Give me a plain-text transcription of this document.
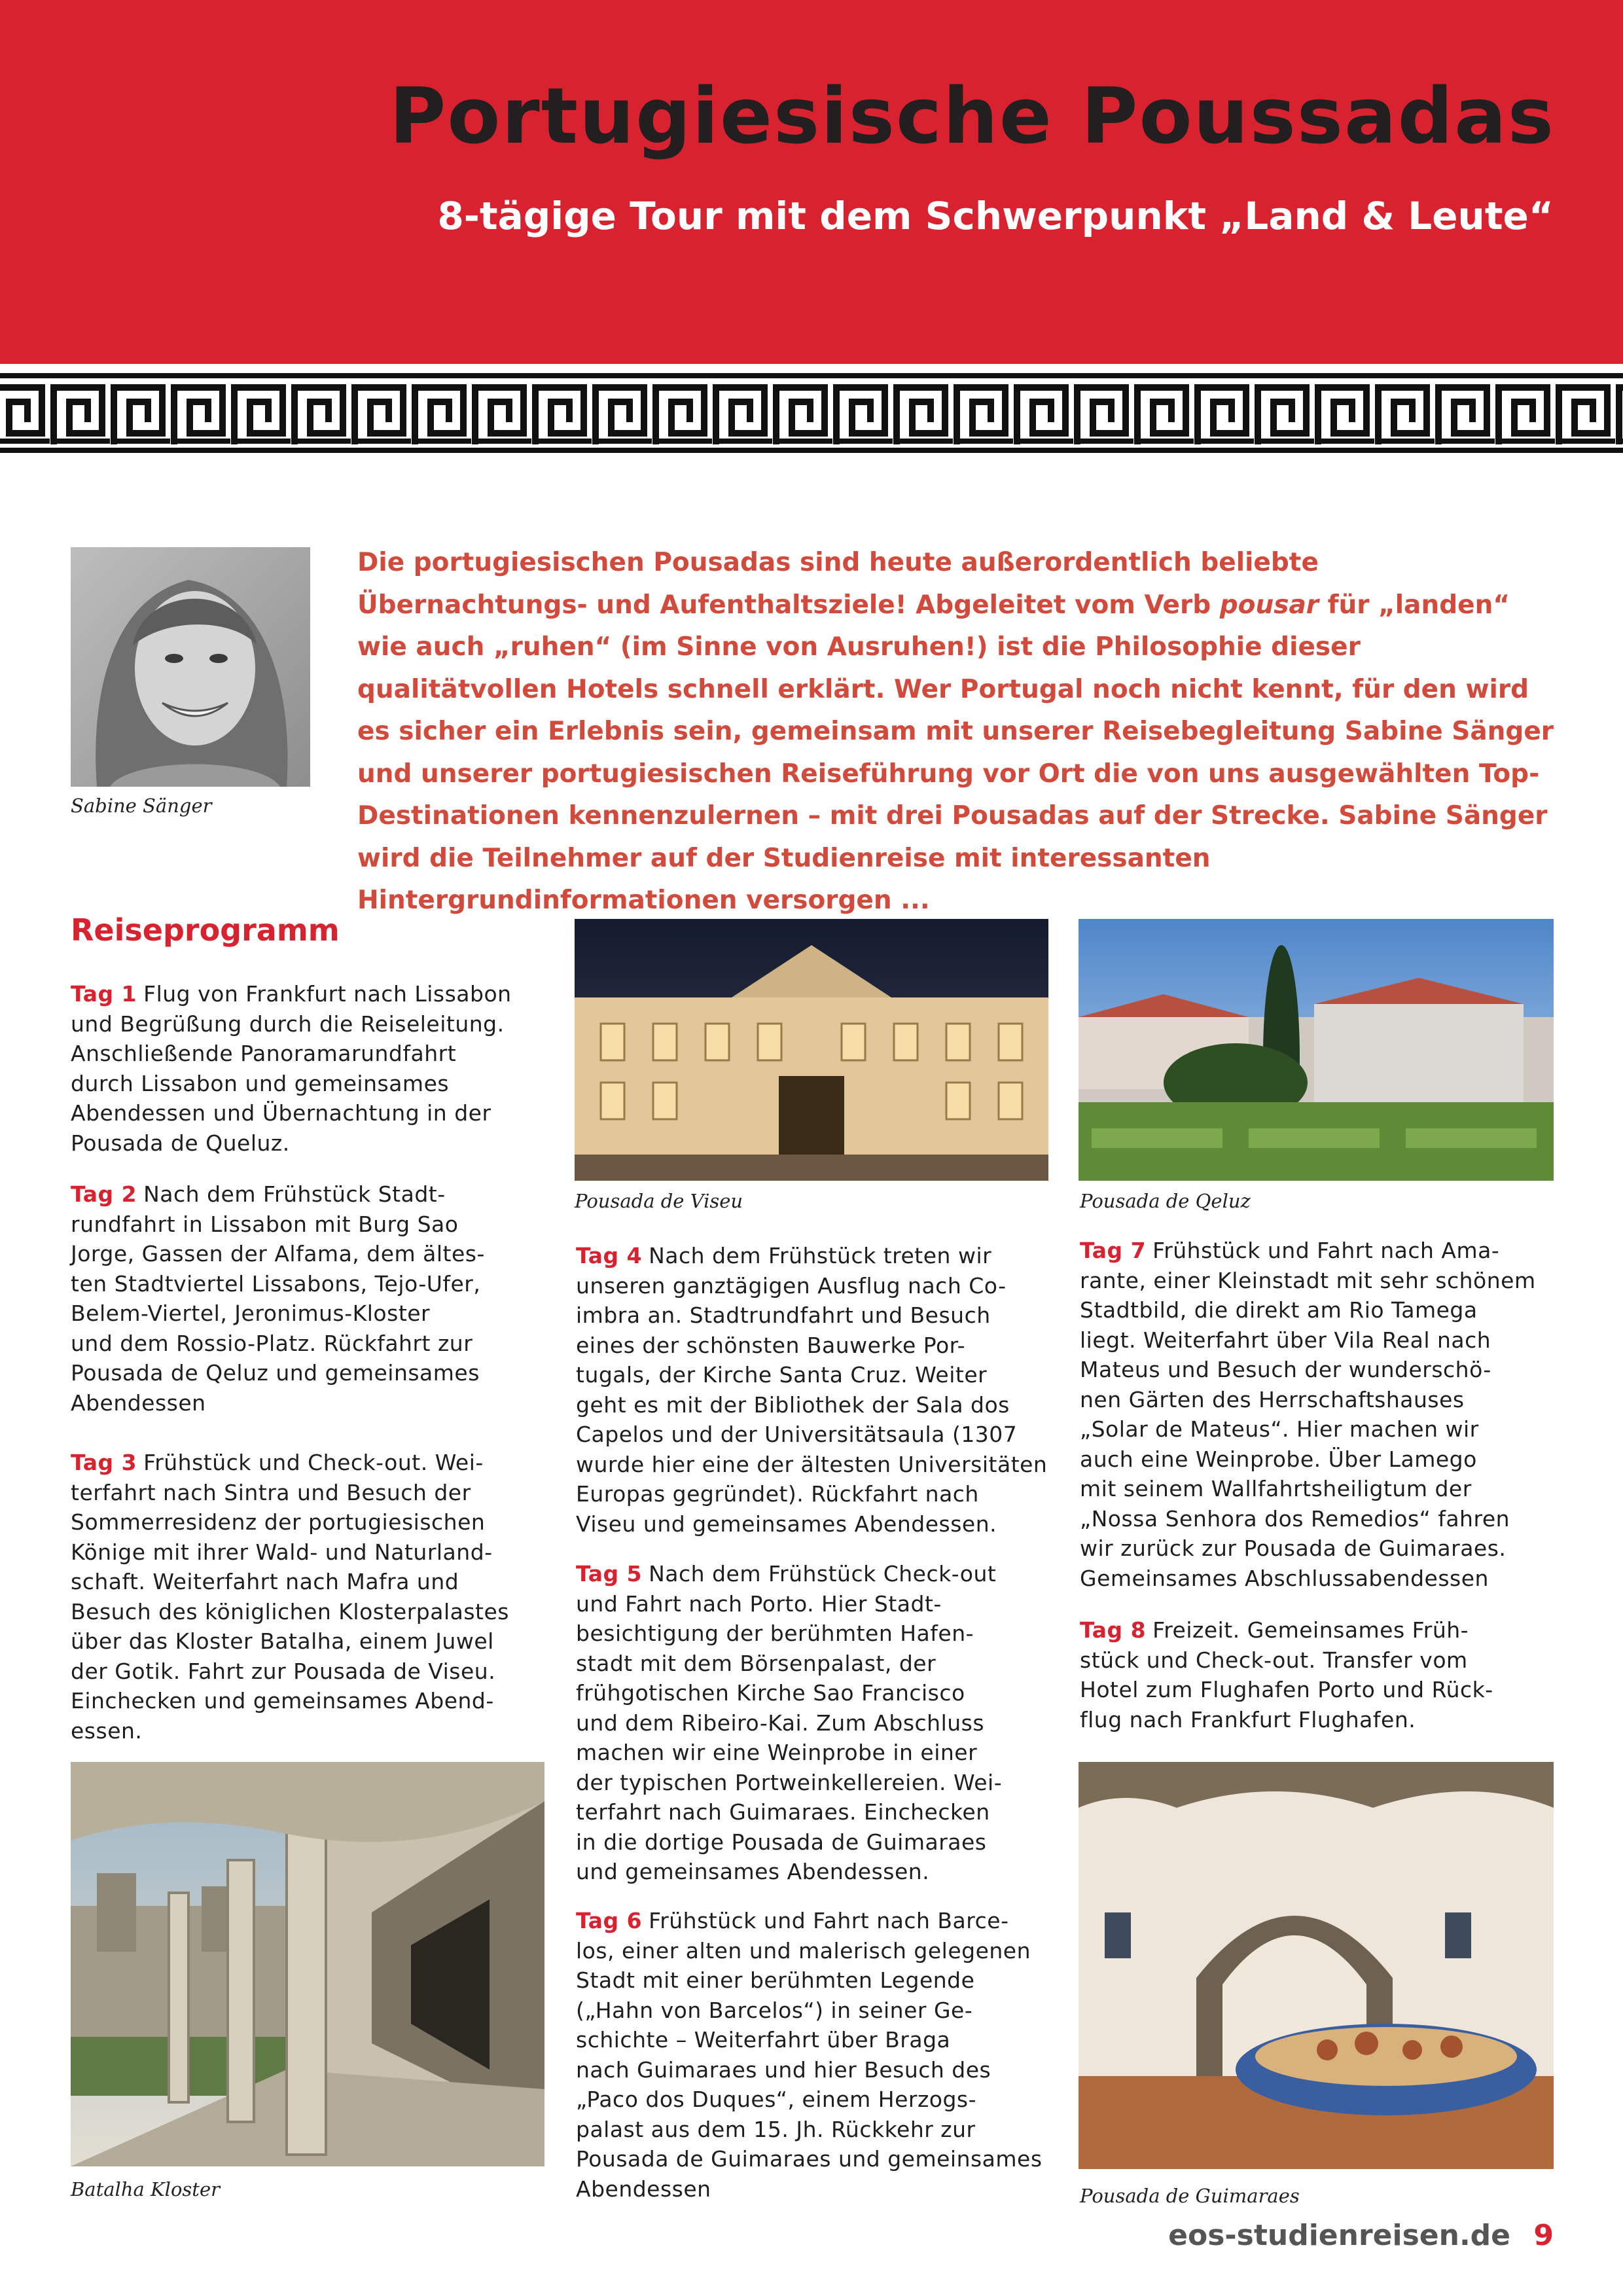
Portugiesische Poussadas
8-tägige Tour mit dem Schwerpunkt „Land & Leute“
Sabine Sänger

Die portugiesischen Pousadas sind heute außerordentlich beliebte Übernachtungs- und Aufenthaltsziele! Abgeleitet vom Verb pousar für „landen“ wie auch „ruhen“ (im Sinne von Ausruhen!) ist die Philosophie dieser qualitätvollen Hotels schnell erklärt. Wer Portugal noch nicht kennt, für den wird es sicher ein Erlebnis sein, gemeinsam mit unserer Reisebegleitung Sabine Sänger und unserer portugiesischen Reiseführung vor Ort die von uns ausgewählten Top-Destinationen kennenzulernen – mit drei Pousadas auf der Strecke. Sabine Sänger wird die Teilnehmer auf der Studienreise mit interessanten Hintergrundinformationen versorgen ...

Reiseprogramm

Tag 1 Flug von Frankfurt nach Lissabon
und Begrüßung durch die Reiseleitung.
Anschließende Panoramarundfahrt
durch Lissabon und gemeinsames
Abendessen und Übernachtung in der
Pousada de Queluz.

Tag 2 Nach dem Frühstück Stadt-
rundfahrt in Lissabon mit Burg Sao
Jorge, Gassen der Alfama, dem ältes-
ten Stadtviertel Lissabons, Tejo-Ufer,
Belem-Viertel, Jeronimus-Kloster
und dem Rossio-Platz. Rückfahrt zur
Pousada de Qeluz und gemeinsames
Abendessen

Tag 3 Frühstück und Check-out. Wei-
terfahrt nach Sintra und Besuch der
Sommerresidenz der portugiesischen
Könige mit ihrer Wald- und Naturland-
schaft. Weiterfahrt nach Mafra und
Besuch des königlichen Klosterpalastes
über das Kloster Batalha, einem Juwel
der Gotik. Fahrt zur Pousada de Viseu.
Einchecken und gemeinsames Abend-
essen.

Batalha Kloster
Pousada de Viseu

Tag 4 Nach dem Frühstück treten wir
unseren ganztägigen Ausflug nach Co-
imbra an. Stadtrundfahrt und Besuch
eines der schönsten Bauwerke Por-
tugals, der Kirche Santa Cruz. Weiter
geht es mit der Bibliothek der Sala dos
Capelos und der Universitätsaula (1307
wurde hier eine der ältesten Universitäten
Europas gegründet). Rückfahrt nach
Viseu und gemeinsames Abendessen.

Tag 5 Nach dem Frühstück Check-out
und Fahrt nach Porto. Hier Stadt-
besichtigung der berühmten Hafen-
stadt mit dem Börsenpalast, der
frühgotischen Kirche Sao Francisco
und dem Ribeiro-Kai. Zum Abschluss
machen wir eine Weinprobe in einer
der typischen Portweinkellereien. Wei-
terfahrt nach Guimaraes. Einchecken
in die dortige Pousada de Guimaraes
und gemeinsames Abendessen.

Tag 6 Frühstück und Fahrt nach Barce-
los, einer alten und malerisch gelegenen
Stadt mit einer berühmten Legende
(„Hahn von Barcelos“) in seiner Ge-
schichte – Weiterfahrt über Braga
nach Guimaraes und hier Besuch des
„Paco dos Duques“, einem Herzogs-
palast aus dem 15. Jh. Rückkehr zur
Pousada de Guimaraes und gemeinsames
Abendessen

Pousada de Qeluz

Tag 7 Frühstück und Fahrt nach Ama-
rante, einer Kleinstadt mit sehr schönem
Stadtbild, die direkt am Rio Tamega
liegt. Weiterfahrt über Vila Real nach
Mateus und Besuch der wunderschö-
nen Gärten des Herrschaftshauses
„Solar de Mateus“. Hier machen wir
auch eine Weinprobe. Über Lamego
mit seinem Wallfahrtsheiligtum der
„Nossa Senhora dos Remedios“ fahren
wir zurück zur Pousada de Guimaraes.
Gemeinsames Abschlussabendessen

Tag 8 Freizeit. Gemeinsames Früh-
stück und Check-out. Transfer vom
Hotel zum Flughafen Porto und Rück-
flug nach Frankfurt Flughafen.

Pousada de Guimaraes
eos-studienreisen.de 9
